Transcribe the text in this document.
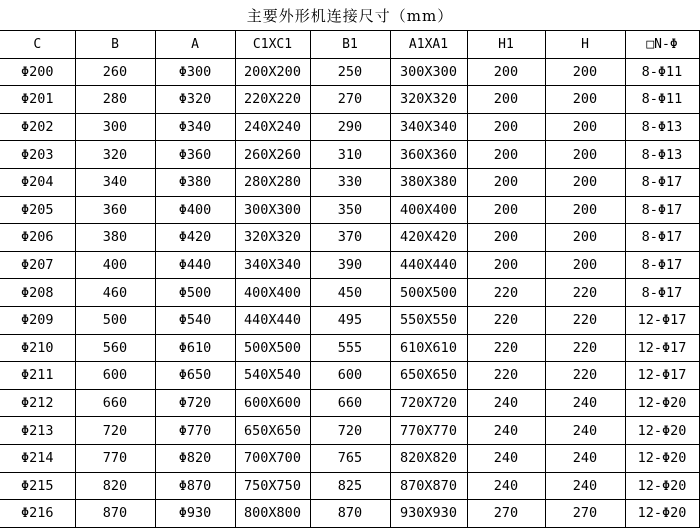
主要外形机连接尺寸（mm）
C	B	A	C1XC1	B1	A1XA1	H1	H	□N-Φ
Φ200	260	Φ300	200X200	250	300X300	200	200	8-Φ11
Φ201	280	Φ320	220X220	270	320X320	200	200	8-Φ11
Φ202	300	Φ340	240X240	290	340X340	200	200	8-Φ13
Φ203	320	Φ360	260X260	310	360X360	200	200	8-Φ13
Φ204	340	Φ380	280X280	330	380X380	200	200	8-Φ17
Φ205	360	Φ400	300X300	350	400X400	200	200	8-Φ17
Φ206	380	Φ420	320X320	370	420X420	200	200	8-Φ17
Φ207	400	Φ440	340X340	390	440X440	200	200	8-Φ17
Φ208	460	Φ500	400X400	450	500X500	220	220	8-Φ17
Φ209	500	Φ540	440X440	495	550X550	220	220	12-Φ17
Φ210	560	Φ610	500X500	555	610X610	220	220	12-Φ17
Φ211	600	Φ650	540X540	600	650X650	220	220	12-Φ17
Φ212	660	Φ720	600X600	660	720X720	240	240	12-Φ20
Φ213	720	Φ770	650X650	720	770X770	240	240	12-Φ20
Φ214	770	Φ820	700X700	765	820X820	240	240	12-Φ20
Φ215	820	Φ870	750X750	825	870X870	240	240	12-Φ20
Φ216	870	Φ930	800X800	870	930X930	270	270	12-Φ20
